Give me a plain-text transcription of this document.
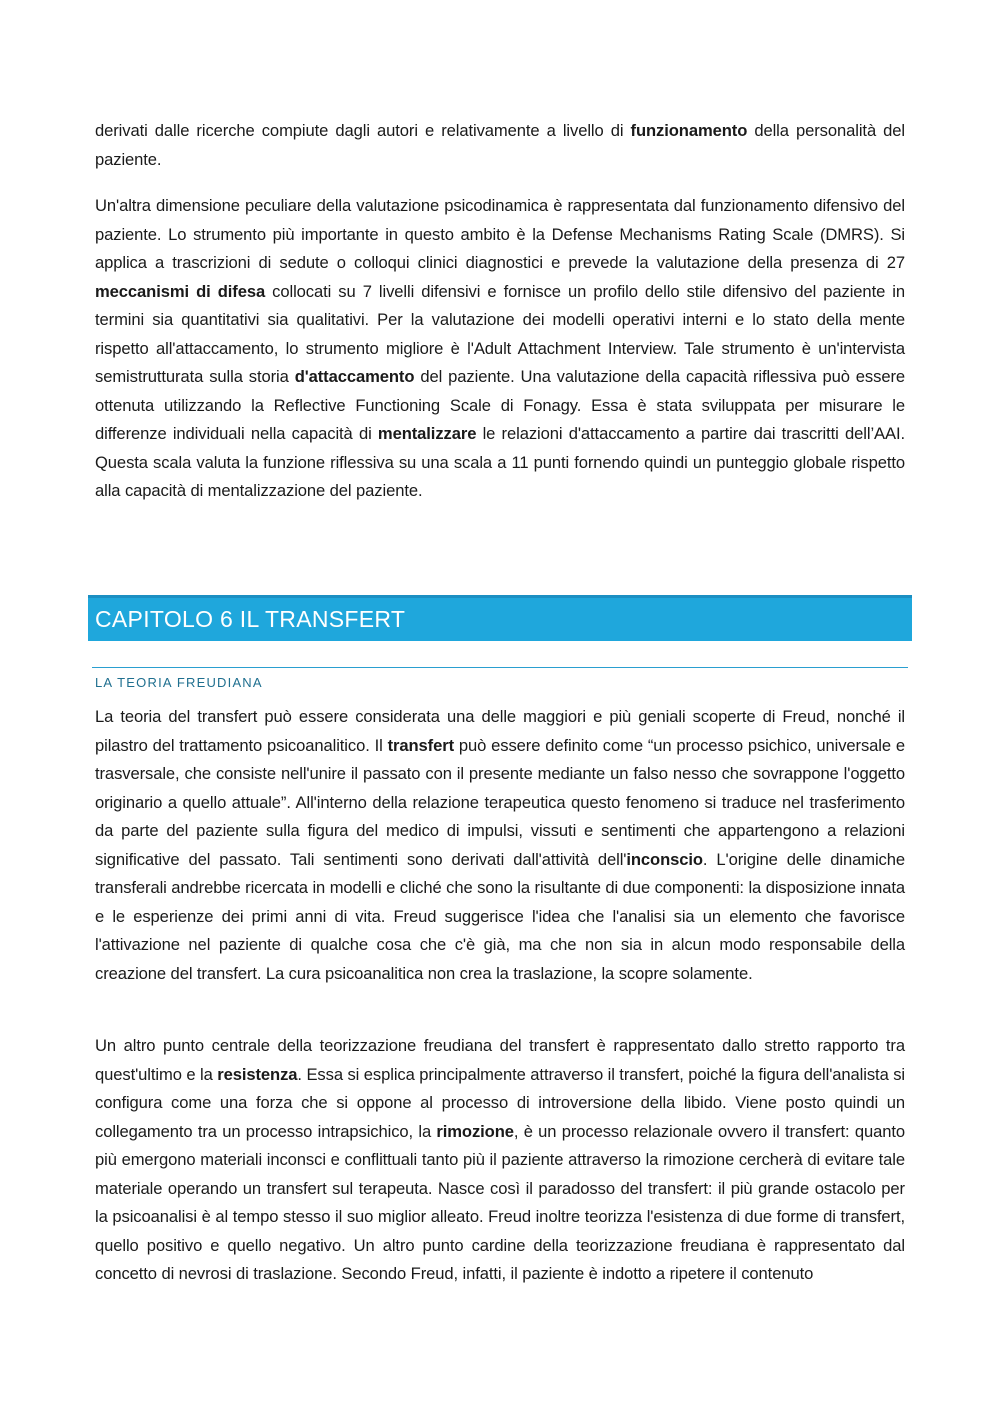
derivati dalle ricerche compiute dagli autori e relativamente a livello di funzionamento della personalità del paziente.

Un'altra dimensione peculiare della valutazione psicodinamica è rappresentata dal funzionamento difensivo del paziente. Lo strumento più importante in questo ambito è la Defense Mechanisms Rating Scale (DMRS). Si applica a trascrizioni di sedute o colloqui clinici diagnostici e prevede la valutazione della presenza di 27 meccanismi di difesa collocati su 7 livelli difensivi e fornisce un profilo dello stile difensivo del paziente in termini sia quantitativi sia qualitativi. Per la valutazione dei modelli operativi interni e lo stato della mente rispetto all'attaccamento, lo strumento migliore è l'Adult Attachment Interview. Tale strumento è un'intervista semistrutturata sulla storia d'attaccamento del paziente. Una valutazione della capacità riflessiva può essere ottenuta utilizzando la Reflective Functioning Scale di Fonagy. Essa è stata sviluppata per misurare le differenze individuali nella capacità di mentalizzare le relazioni d'attaccamento a partire dai trascritti dell’AAI. Questa scala valuta la funzione riflessiva su una scala a 11 punti fornendo quindi un punteggio globale rispetto alla capacità di mentalizzazione del paziente.

CAPITOLO 6 IL TRANSFERT
LA TEORIA FREUDIANA

La teoria del transfert può essere considerata una delle maggiori e più geniali scoperte di Freud, nonché il pilastro del trattamento psicoanalitico. Il transfert può essere definito come “un processo psichico, universale e trasversale, che consiste nell'unire il passato con il presente mediante un falso nesso che sovrappone l'oggetto originario a quello attuale”. All'interno della relazione terapeutica questo fenomeno si traduce nel trasferimento da parte del paziente sulla figura del medico di impulsi, vissuti e sentimenti che appartengono a relazioni significative del passato. Tali sentimenti sono derivati dall'attività dell'inconscio. L'origine delle dinamiche transferali andrebbe ricercata in modelli e cliché che sono la risultante di due componenti: la disposizione innata e le esperienze dei primi anni di vita. Freud suggerisce l'idea che l'analisi sia un elemento che favorisce l'attivazione nel paziente di qualche cosa che c'è già, ma che non sia in alcun modo responsabile della creazione del transfert. La cura psicoanalitica non crea la traslazione, la scopre solamente.

Un altro punto centrale della teorizzazione freudiana del transfert è rappresentato dallo stretto rapporto tra quest'ultimo e la resistenza. Essa si esplica principalmente attraverso il transfert, poiché la figura dell'analista si configura come una forza che si oppone al processo di introversione della libido. Viene posto quindi un collegamento tra un processo intrapsichico, la rimozione, è un processo relazionale ovvero il transfert: quanto più emergono materiali inconsci e conflittuali tanto più il paziente attraverso la rimozione cercherà di evitare tale materiale operando un transfert sul terapeuta. Nasce così il paradosso del transfert: il più grande ostacolo per la psicoanalisi è al tempo stesso il suo miglior alleato. Freud inoltre teorizza l'esistenza di due forme di transfert, quello positivo e quello negativo. Un altro punto cardine della teorizzazione freudiana è rappresentato dal concetto di nevrosi di traslazione. Secondo Freud, infatti, il paziente è indotto a ripetere il contenuto
